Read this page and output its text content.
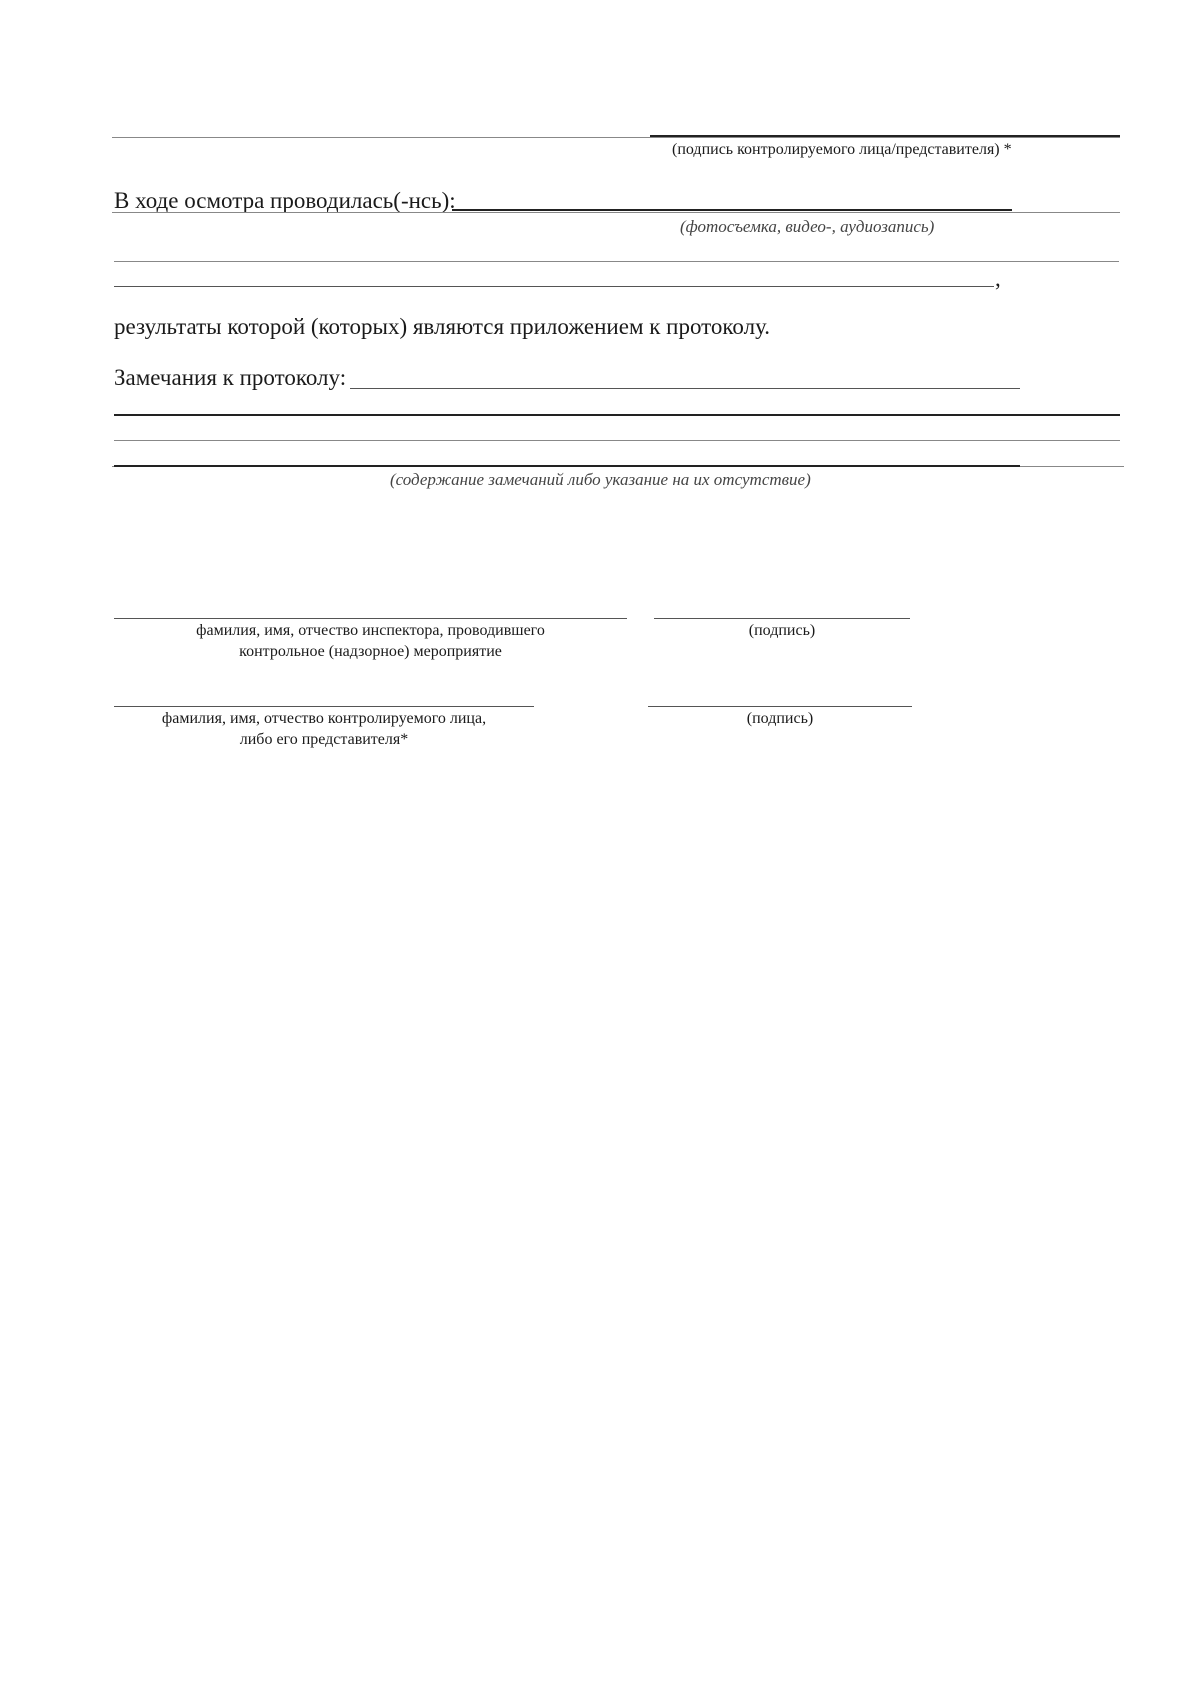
(подпись контролируемого лица/представителя) *
В ходе осмотра проводилась(-нсь):
(фотосъемка, видео-, аудиозапись)
,
результаты которой (которых) являются приложением к протоколу.
Замечания к протоколу:
(содержание замечаний либо указание на их отсутствие)
фамилия, имя, отчество инспектора, проводившего
контрольное (надзорное) мероприятие
(подпись)
фамилия, имя, отчество контролируемого лица,
либо его представителя*
(подпись)
